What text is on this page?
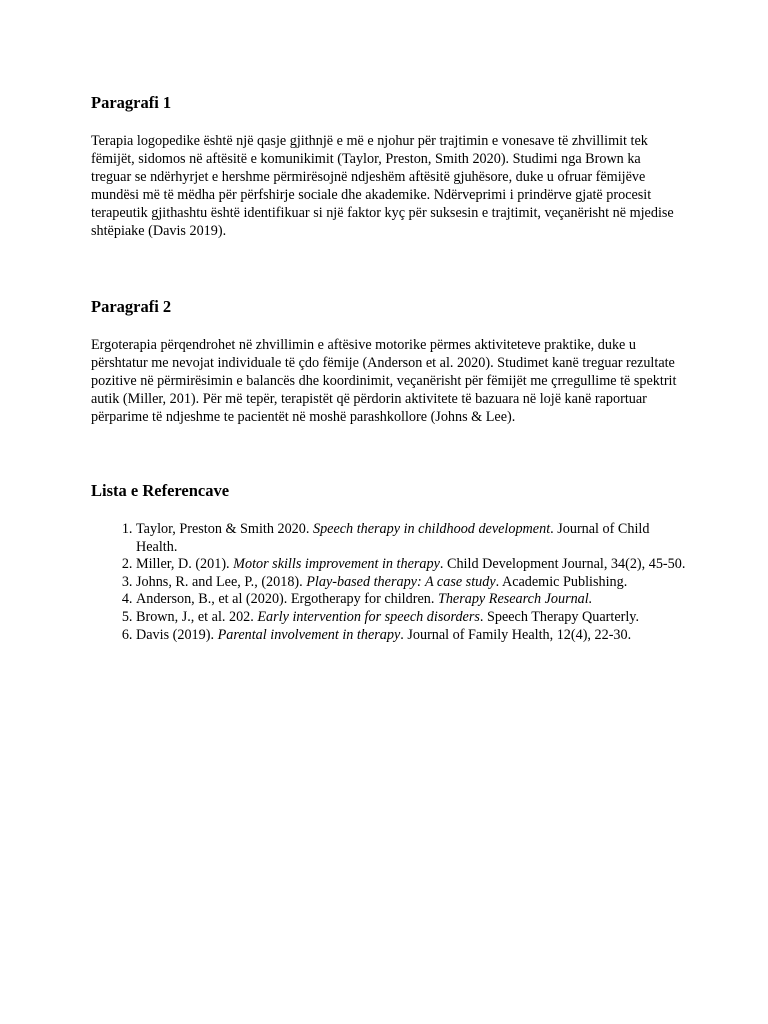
Paragrafi 1

Terapia logopedike është një qasje gjithnjë e më e njohur për trajtimin e vonesave të zhvillimit tek fëmijët, sidomos në aftësitë e komunikimit (Taylor, Preston, Smith 2020). Studimi nga Brown ka treguar se ndërhyrjet e hershme përmirësojnë ndjeshëm aftësitë gjuhësore, duke u ofruar fëmijëve mundësi më të mëdha për përfshirje sociale dhe akademike. Ndërveprimi i prindërve gjatë procesit terapeutik gjithashtu është identifikuar si një faktor kyç për suksesin e trajtimit, veçanërisht në mjedise shtëpiake (Davis 2019).

Paragrafi 2

Ergoterapia përqendrohet në zhvillimin e aftësive motorike përmes aktiviteteve praktike, duke u përshtatur me nevojat individuale të çdo fëmije (Anderson et al. 2020). Studimet kanë treguar rezultate pozitive në përmirësimin e balancës dhe koordinimit, veçanërisht për fëmijët me çrregullime të spektrit autik (Miller, 201). Për më tepër, terapistët që përdorin aktivitete të bazuara në lojë kanë raportuar përparime të ndjeshme te pacientët në moshë parashkollore (Johns & Lee).

Lista e Referencave
1. Taylor, Preston & Smith 2020. Speech therapy in childhood development. Journal of Child Health.
2. Miller, D. (201). Motor skills improvement in therapy. Child Development Journal, 34(2), 45-50.
3. Johns, R. and Lee, P., (2018). Play-based therapy: A case study. Academic Publishing.
4. Anderson, B., et al (2020). Ergotherapy for children. Therapy Research Journal.
5. Brown, J., et al. 202. Early intervention for speech disorders. Speech Therapy Quarterly.
6. Davis (2019). Parental involvement in therapy. Journal of Family Health, 12(4), 22-30.
